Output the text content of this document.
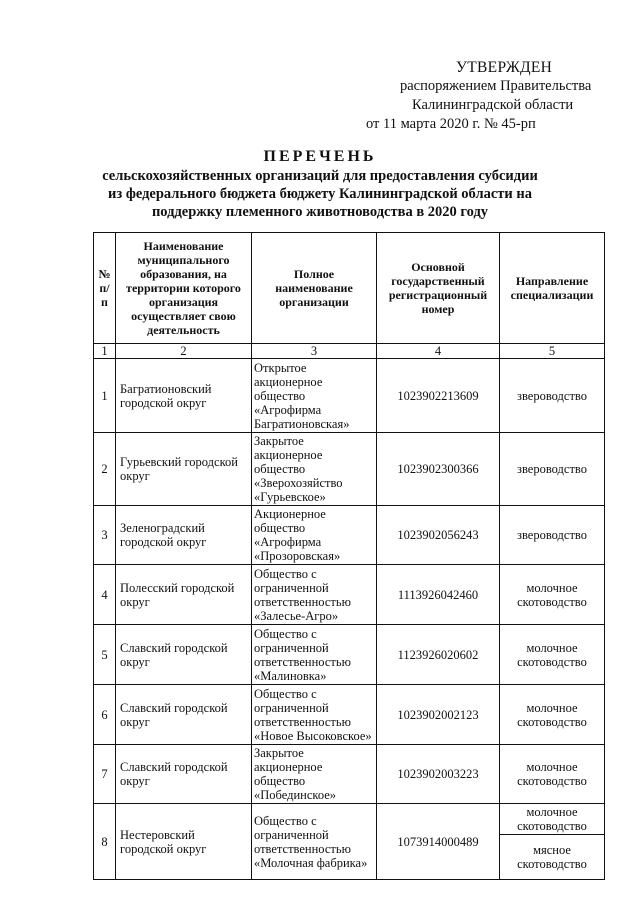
УТВЕРЖДЕН
распоряжением Правительства
Калининградской области
от 11 марта 2020 г. № 45-рп
ПЕРЕЧЕНЬ
сельскохозяйственных организаций для предоставления субсидии
из федерального бюджета бюджету Калининградской области на
поддержку племенного животноводства в 2020 году
№ п/п	Наименование муниципального образования, на территории которого организация осуществляет свою деятельность	Полное наименование организации	Основной государственный регистрационный номер	Направление специализации
1	2	3	4	5
1	Багратионовский городской округ	Открытое акционерное общество «Агрофирма Багратионовская»	1023902213609	звероводство
2	Гурьевский городской округ	Закрытое акционерное общество «Зверохозяйство «Гурьевское»	1023902300366	звероводство
3	Зеленоградский городской округ	Акционерное общество «Агрофирма «Прозоровская»	1023902056243	звероводство
4	Полесский городской округ	Общество с ограниченной ответственностью «Залесье-Агро»	1113926042460	молочное скотоводство
5	Славский городской округ	Общество с ограниченной ответственностью «Малиновка»	1123926020602	молочное скотоводство
6	Славский городской округ	Общество с ограниченной ответственностью «Новое Высоковское»	1023902002123	молочное скотоводство
7	Славский городской округ	Закрытое акционерное общество «Побединское»	1023902003223	молочное скотоводство
8	Нестеровский городской округ	Общество с ограниченной ответственностью «Молочная фабрика»	1073914000489	молочное скотоводство
				мясное скотоводство
